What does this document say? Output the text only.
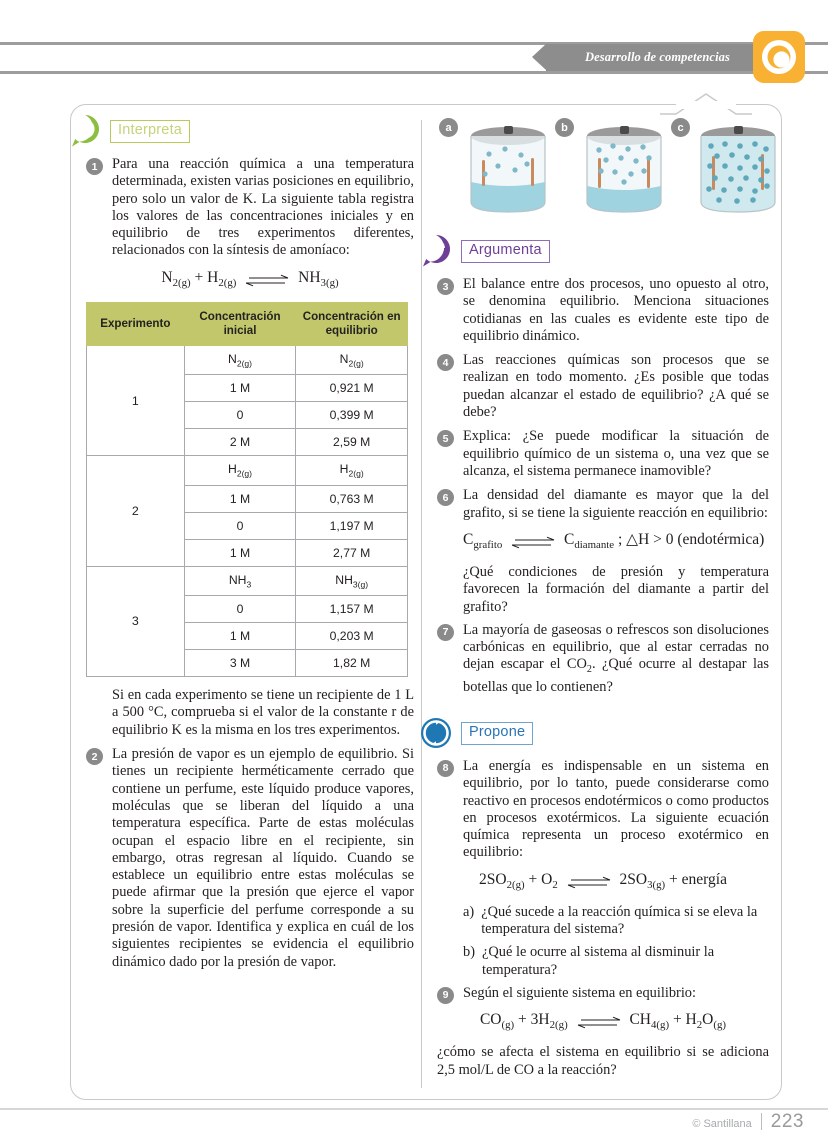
Desarrollo de competencias
Interpreta
1	Para una reacción química a una temperatura determinada, existen varias posiciones en equilibrio, pero solo un valor de K. La siguiente tabla registra los valores de las concentraciones iniciales y en equilibrio de tres experimentos diferentes, relacionados con la síntesis de amoníaco:
$N_{2(g)} + H_{2(g)}$	$NH_{3(g)}$
Experimento	Concentración inicial	Concentración en equilibrio
1	$N_{2(g)}$	$N_{2(g)}$
	1 M	0,921 M
	0	0,399 M
	2 M	2,59 M
2	$H_{2(g)}$	$H_{2(g)}$
	1 M	0,763 M
	0	1,197 M
	1 M	2,77 M
3	$NH_3$	$NH_{3(g)}$
	0	1,157 M
	1 M	0,203 M
	3 M	1,82 M
Si en cada experimento se tiene un recipiente de 1 L a 500 °C, comprueba si el valor de la constante r de equilibrio K es la misma en los tres experimentos.
2	La presión de vapor es un ejemplo de equilibrio. Si tienes un recipiente herméticamente cerrado que contiene un perfume, este líquido produce vapores, moléculas que se liberan del líquido a una temperatura específica. Parte de estas moléculas ocupan el espacio libre en el recipiente, sin embargo, otras regresan al líquido. Cuando se establece un equilibrio entre estas moléculas se puede afirmar que la presión que ejerce el vapor sobre la superficie del perfume corresponde a su presión de vapor. Identifica y explica en cuál de los siguientes recipientes se evidencia el equilibrio dinámico dado por la presión de vapor.
a	b	c
Argumenta
3	El balance entre dos procesos, uno opuesto al otro, se denomina equilibrio. Menciona situaciones cotidianas en las cuales es evidente este tipo de equilibrio dinámico.
4	Las reacciones químicas son procesos que se realizan en todo momento. ¿Es posible que todas puedan alcanzar el estado de equilibrio? ¿A qué se debe?
5	Explica: ¿Se puede modificar la situación de equilibrio químico de un sistema o, una vez que se alcanza, el sistema permanece inamovible?
6	La densidad del diamante es mayor que la del grafito, si se tiene la siguiente reacción en equilibrio:
$C_{grafito}$	$C_{diamante}$ ; △H > 0 (endotérmica)
¿Qué condiciones de presión y temperatura favorecen la formación del diamante a partir del grafito?
7	La mayoría de gaseosas o refrescos son disoluciones carbónicas en equilibrio, que al estar cerradas no dejan escapar el $CO_2$. ¿Qué ocurre al destapar las botellas que lo contienen?
Propone
8	La energía es indispensable en un sistema en equilibrio, por lo tanto, puede considerarse como reactivo en procesos endotérmicos o como productos en procesos exotérmicos. La siguiente ecuación química representa un proceso exotérmico en equilibrio:
$2SO_{2(g)} + O_2$	$2SO_{3(g)}$ + energía
a) ¿Qué sucede a la reacción química si se eleva la temperatura del sistema?
b) ¿Qué le ocurre al sistema al disminuir la temperatura?
9	Según el siguiente sistema en equilibrio:
$CO_{(g)} + 3H_{2(g)}$	$CH_{4(g)} + H_2O_{(g)}$
¿cómo se afecta el sistema en equilibrio si se adiciona 2,5 mol/L de CO a la reacción?
© Santillana 223
